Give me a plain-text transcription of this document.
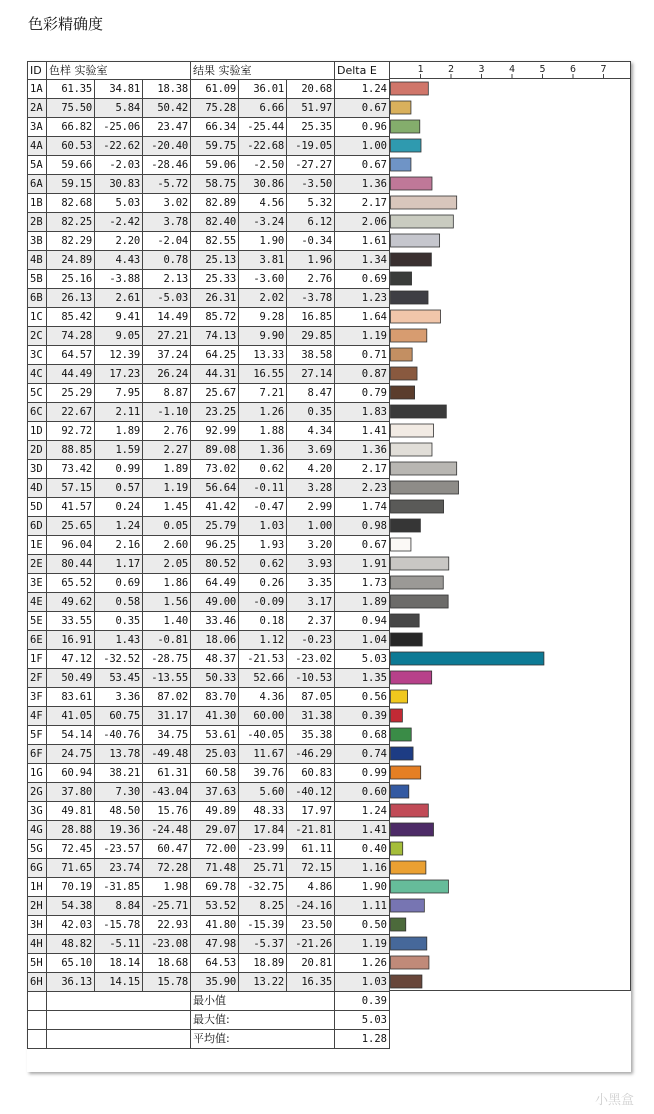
色彩精确度
ID	色样 实验室			结果 实验室			Delta E
1A	61.35	34.81	18.38	61.09	36.01	20.68	1.24
2A	75.50	5.84	50.42	75.28	6.66	51.97	0.67
3A	66.82	-25.06	23.47	66.34	-25.44	25.35	0.96
4A	60.53	-22.62	-20.40	59.75	-22.68	-19.05	1.00
5A	59.66	-2.03	-28.46	59.06	-2.50	-27.27	0.67
6A	59.15	30.83	-5.72	58.75	30.86	-3.50	1.36
1B	82.68	5.03	3.02	82.89	4.56	5.32	2.17
2B	82.25	-2.42	3.78	82.40	-3.24	6.12	2.06
3B	82.29	2.20	-2.04	82.55	1.90	-0.34	1.61
4B	24.89	4.43	0.78	25.13	3.81	1.96	1.34
5B	25.16	-3.88	2.13	25.33	-3.60	2.76	0.69
6B	26.13	2.61	-5.03	26.31	2.02	-3.78	1.23
1C	85.42	9.41	14.49	85.72	9.28	16.85	1.64
2C	74.28	9.05	27.21	74.13	9.90	29.85	1.19
3C	64.57	12.39	37.24	64.25	13.33	38.58	0.71
4C	44.49	17.23	26.24	44.31	16.55	27.14	0.87
5C	25.29	7.95	8.87	25.67	7.21	8.47	0.79
6C	22.67	2.11	-1.10	23.25	1.26	0.35	1.83
1D	92.72	1.89	2.76	92.99	1.88	4.34	1.41
2D	88.85	1.59	2.27	89.08	1.36	3.69	1.36
3D	73.42	0.99	1.89	73.02	0.62	4.20	2.17
4D	57.15	0.57	1.19	56.64	-0.11	3.28	2.23
5D	41.57	0.24	1.45	41.42	-0.47	2.99	1.74
6D	25.65	1.24	0.05	25.79	1.03	1.00	0.98
1E	96.04	2.16	2.60	96.25	1.93	3.20	0.67
2E	80.44	1.17	2.05	80.52	0.62	3.93	1.91
3E	65.52	0.69	1.86	64.49	0.26	3.35	1.73
4E	49.62	0.58	1.56	49.00	-0.09	3.17	1.89
5E	33.55	0.35	1.40	33.46	0.18	2.37	0.94
6E	16.91	1.43	-0.81	18.06	1.12	-0.23	1.04
1F	47.12	-32.52	-28.75	48.37	-21.53	-23.02	5.03
2F	50.49	53.45	-13.55	50.33	52.66	-10.53	1.35
3F	83.61	3.36	87.02	83.70	4.36	87.05	0.56
4F	41.05	60.75	31.17	41.30	60.00	31.38	0.39
5F	54.14	-40.76	34.75	53.61	-40.05	35.38	0.68
6F	24.75	13.78	-49.48	25.03	11.67	-46.29	0.74
1G	60.94	38.21	61.31	60.58	39.76	60.83	0.99
2G	37.80	7.30	-43.04	37.63	5.60	-40.12	0.60
3G	49.81	48.50	15.76	49.89	48.33	17.97	1.24
4G	28.88	19.36	-24.48	29.07	17.84	-21.81	1.41
5G	72.45	-23.57	60.47	72.00	-23.99	61.11	0.40
6G	71.65	23.74	72.28	71.48	25.71	72.15	1.16
1H	70.19	-31.85	1.98	69.78	-32.75	4.86	1.90
2H	54.38	8.84	-25.71	53.52	8.25	-24.16	1.11
3H	42.03	-15.78	22.93	41.80	-15.39	23.50	0.50
4H	48.82	-5.11	-23.08	47.98	-5.37	-21.26	1.19
5H	65.10	18.14	18.68	64.53	18.89	20.81	1.26
6H	36.13	14.15	15.78	35.90	13.22	16.35	1.03
				最小值			0.39
				最大值:			5.03
				平均值:			1.28
1 2 3 4 5 6 7
小黑盒
